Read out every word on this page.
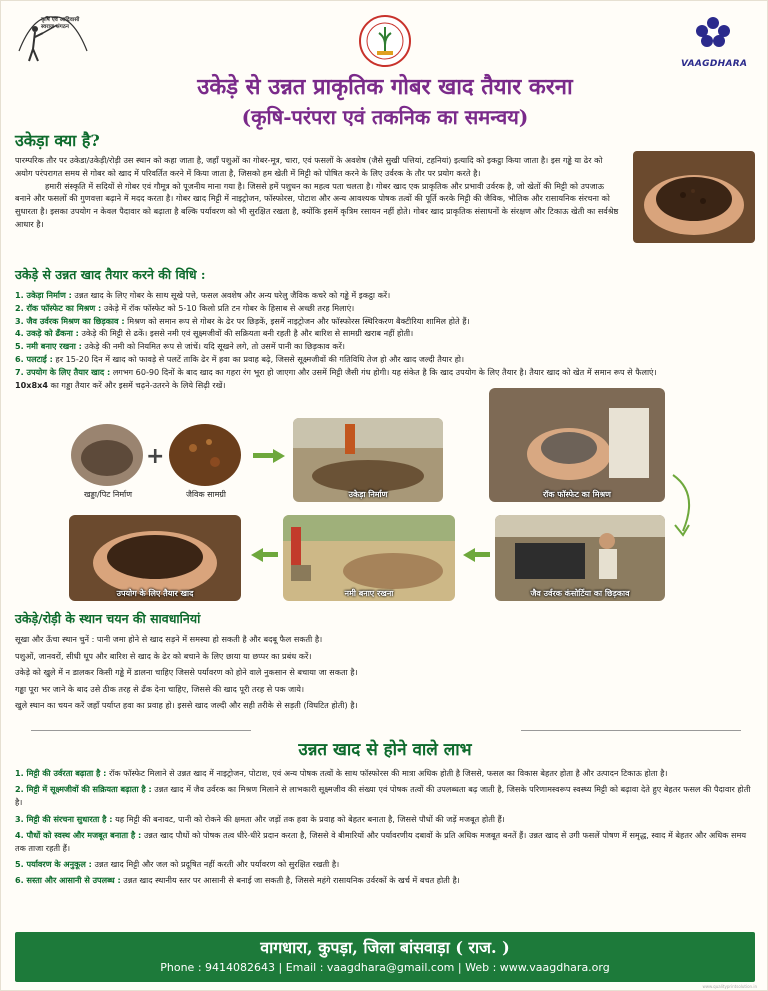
कृषि एवं आदिवासी स्वराज संगठन
VAAGDHARA
उकेड़े से उन्नत प्राकृतिक गोबर खाद तैयार करना
(कृषि-परंपरा एवं तकनिक का समन्वय)
उकेड़ा क्या है?
पारम्परिक तौर पर उकेडा/उकेड़ी/रोड़ी उस स्थान को कहा जाता है, जहाँ पशुओं का गोबर-मूत्र, चारा, एवं फसलों के अवशेष (जैसे सुखी पत्तियां, टहनियां) इत्यादि को इकट्ठा किया जाता है। इस गड्ढे या ढेर को अयोग परंपरागत समय से गोबर को खाद में परिवर्तित करने में किया जाता है, जिसको हम खेती में मिट्टी को पोषित करने के लिए उर्वरक के तौर पर प्रयोग करते है।
हमारी संस्कृति में सदियों से गोबर एवं गौमूत्र को पूजनीय माना गया है। जिससे हमें पशुधन का महत्व पता चलता है। गोबर खाद एक प्राकृतिक और प्रभावी उर्वरक है, जो खेतों की मिट्टी को उपजाऊ बनाने और फसलों की गुणवत्ता बढ़ाने में मदद करता है। गोबर खाद मिट्टी में नाइट्रोजन, फॉस्फोरस, पोटाश और अन्य आवश्यक पोषक तत्वों की पूर्ति करके मिट्टी की जैविक, भौतिक और रासायनिक संरचना को सुधारता है। इसका उपयोग न केवल पैदावार को बढ़ाता है बल्कि पर्यावरण को भी सुरक्षित रखता है, क्योंकि इसमें कृत्रिम रसायन नहीं होते। गोबर खाद प्राकृतिक संसाधनों के संरक्षण और टिकाऊ खेती का सर्वश्रेष्ठ आधार है।
उकेड़े से उन्नत खाद तैयार करने की विधि :
1. उकेड़ा निर्माण : उन्नत खाद के लिए गोबर के साथ सूखे पत्ते, फसल अवशेष और अन्य घरेलु जैविक कचरे को गड्ढे में इकट्ठा करें।
2. रॉक फॉस्फेट का मिश्रण : उकेड़े में रॉक फॉस्फेट को 5-10 किलो प्रति टन गोबर के हिसाब से अच्छी तरह मिलाएं।
3. जैव उर्वरक मिश्रण का छिड़काव : मिश्रण को समान रूप से गोबर के ढेर पर छिड़कें, इसमें नाइट्रोजन और फॉस्फोरस स्थिरिकरण बैक्टीरिया शामिल होते हैं।
4. उकड़े को ढँकना : उकेड़े की मिट्टी से ढकें। इससे नमी एवं सूक्ष्मजीवों की सक्रियता बनी रहती है और बारिश से सामग्री खराब नहीं होती।
5. नमी बनाए रखना : उकेड़े की नमी को नियमित रूप से जांचें। यदि सूखने लगे, तो उसमें पानी का छिड़काव करें।
6. पलटाई : हर 15-20 दिन में खाद को फावड़े से पलटें ताकि ढेर में हवा का प्रवाह बढ़े, जिससे सूक्ष्मजीवों की गतिविधि तेज हो और खाद जल्दी तैयार हो।
7. उपयोग के लिए तैयार खाद : लगभग 60-90 दिनों के बाद खाद का गहरा रंग भूरा हो जाएगा और उसमें मिट्टी जैसी गंध होगी। यह संकेत है कि खाद उपयोग के लिए तैयार है। तैयार खाद को खेत में समान रूप से फैलाएं।
10x8x4 का गड्डा तैयार करें और इसमें चढ़ने-उतरने के लिये सिढ़ी रखें।
+
खड्डा/पिट निर्माण	जैविक सामग्री	उकेड़ा निर्माण	रॉक फॉस्फेट का मिश्रण
उपयोग के लिए तैयार खाद	नमी बनाए रखना	जैव उर्वरक कंसोर्टिया का छिड़काव
उकेड़े/रोड़ी के स्थान चयन की सावधानियां
सूखा और ऊँचा स्थान चुनें : पानी जमा होने से खाद सड़ने में समस्या हो सकती है और बदबू फैल सकती है।
पशुओं, जानवरों, सीधी धूप और बारिश से खाद के ढेर को बचाने के लिए छाया या छप्पर का प्रबंध करें।
उकेड़े को खुले में न डालकर किसी गड्ढे में डालना चाहिए जिससे पर्यावरण को होने वाले नुकसान से बचाया जा सकता है।
गड्ढा पूरा भर जाने के बाद उसे ठीक तरह से ढँक देना चाहिए, जिससे की खाद पूरी तरह से पक जाये।
खुले स्थान का चयन करें जहाँ पर्याप्त हवा का प्रवाह हो। इससे खाद जल्दी और सही तरीके से सड़ती (विघटित होती) है।
उन्नत खाद से होने वाले लाभ
1. मिट्टी की उर्वरता बढ़ाता है : रॉक फॉस्फेट मिलाने से उन्नत खाद में नाइट्रोजन, पोटाश, एवं अन्य पोषक तत्वों के साथ फॉस्फोरस की मात्रा अधिक होती है जिससे, फसल का विकास बेहतर होता है और उत्पादन टिकाऊ होता है।
2. मिट्टी में सूक्ष्मजीवों की सक्रियता बढ़ाता है : उन्नत खाद में जैव उर्वरक का मिश्रण मिलाने से लाभकारी सूक्ष्मजीव की संख्या एवं पोषक तत्वों की उपलब्धता बढ़ जाती है, जिसके परिणामस्वरूप स्वस्थ्य मिट्टी को बढ़ावा देते हुए बेहतर फसल की पैदावार होती है।
3. मिट्टी की संरचना सुधारता है : यह मिट्टी की बनावट, पानी को रोकने की क्षमता और जड़ों तक हवा के प्रवाह को बेहतर बनाता है, जिससे पौधों की जड़ें मजबूत होती हैं।
4. पौधों को स्वस्थ और मजबूत बनाता है : उन्नत खाद पौधों को पोषक तत्व धीरे-धीरे प्रदान करता है, जिससे वे बीमारियों और पर्यावरणीय दबावों के प्रति अधिक मजबूत बनतें हैं। उन्नत खाद से उगी फसलें पोषण में समृद्ध, स्वाद में बेहतर और अधिक समय तक ताजा रहती हैं।
5. पर्यावरण के अनुकूल : उन्नत खाद मिट्टी और जल को प्रदूषित नहीं करती और पर्यावरण को सुरक्षित रखती है।
6. सस्ता और आसानी से उपलब्ध : उन्नत खाद स्थानीय स्तर पर आसानी से बनाई जा सकती है, जिससे महंगे रासायनिक उर्वरकों के खर्च में बचत होती है।
वागधारा, कुपड़ा, जिला बांसवाड़ा ( राज. )
Phone : 9414082643 | Email : vaagdhara@gmail.com | Web : www.vaagdhara.org
www.qualityprintsolution.in
